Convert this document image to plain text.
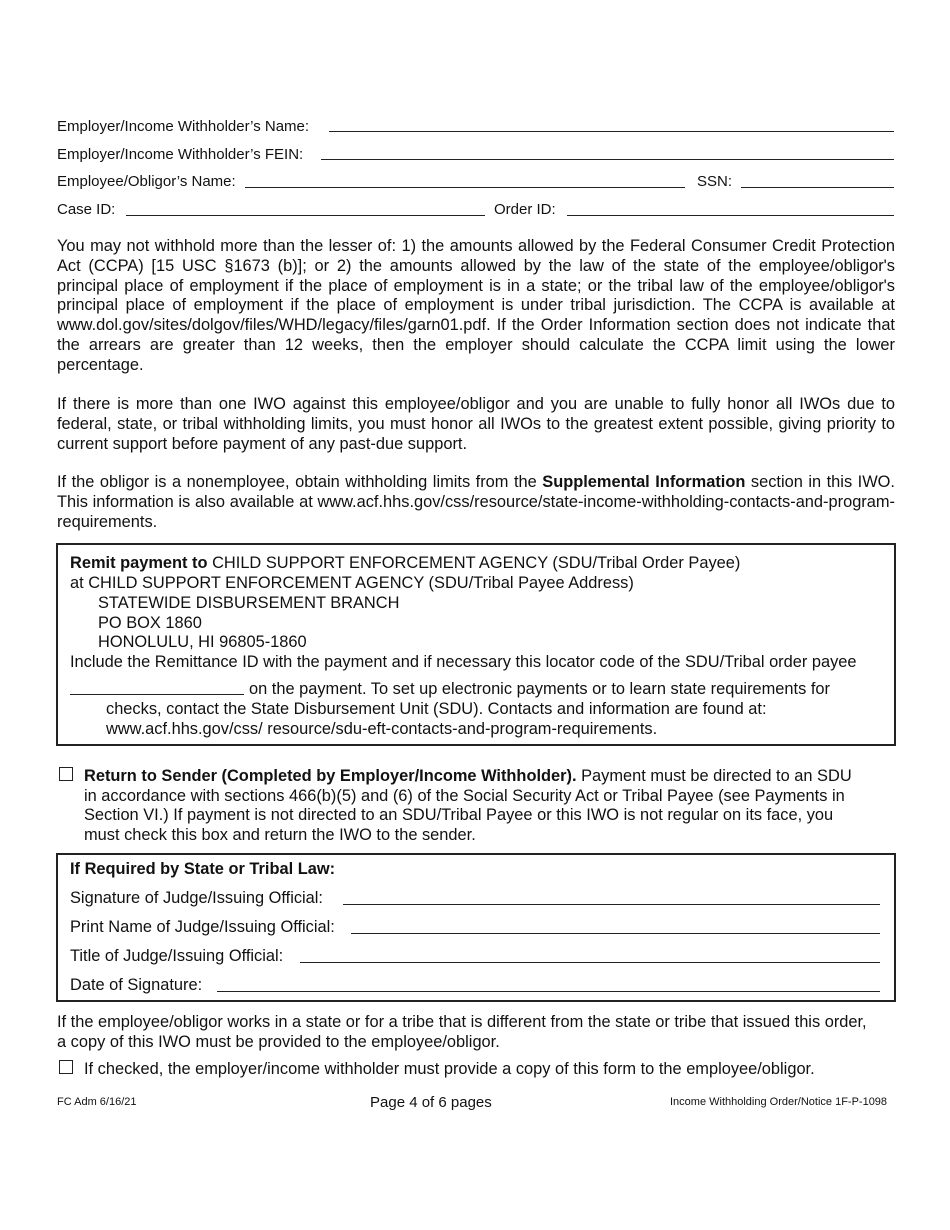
Employer/Income Withholder’s Name:
Employer/Income Withholder’s FEIN:
Employee/Obligor’s Name:	SSN:
Case ID:	Order ID:
You may not withhold more than the lesser of: 1) the amounts allowed by the Federal Consumer Credit Protection Act (CCPA) [15 USC §1673 (b)]; or 2) the amounts allowed by the law of the state of the employee/obligor's principal place of employment if the place of employment is in a state; or the tribal law of the employee/obligor's principal place of employment if the place of employment is under tribal jurisdiction. The CCPA is available at www.dol.gov/sites/dolgov/files/WHD/legacy/files/garn01.pdf. If the Order Information section does not indicate that the arrears are greater than 12 weeks, then the employer should calculate the CCPA limit using the lower percentage.
If there is more than one IWO against this employee/obligor and you are unable to fully honor all IWOs due to federal, state, or tribal withholding limits, you must honor all IWOs to the greatest extent possible, giving priority to current support before payment of any past-due support.
If the obligor is a nonemployee, obtain withholding limits from the Supplemental Information section in this IWO. This information is also available at www.acf.hhs.gov/css/resource/state-income-withholding-contacts-and-program-requirements.
Remit payment to CHILD SUPPORT ENFORCEMENT AGENCY (SDU/Tribal Order Payee)
at CHILD SUPPORT ENFORCEMENT AGENCY (SDU/Tribal Payee Address)
STATEWIDE DISBURSEMENT BRANCH
PO BOX 1860
HONOLULU, HI 96805-1860
Include the Remittance ID with the payment and if necessary this locator code of the SDU/Tribal order payee
on the payment. To set up electronic payments or to learn state requirements for
checks, contact the State Disbursement Unit (SDU). Contacts and information are found at:
www.acf.hhs.gov/css/ resource/sdu-eft-contacts-and-program-requirements.
Return to Sender (Completed by Employer/Income Withholder). Payment must be directed to an SDU
in accordance with sections 466(b)(5) and (6) of the Social Security Act or Tribal Payee (see Payments in
Section VI.) If payment is not directed to an SDU/Tribal Payee or this IWO is not regular on its face, you
must check this box and return the IWO to the sender.
If Required by State or Tribal Law:
Signature of Judge/Issuing Official:
Print Name of Judge/Issuing Official:
Title of Judge/Issuing Official:
Date of Signature:
If the employee/obligor works in a state or for a tribe that is different from the state or tribe that issued this order,
a copy of this IWO must be provided to the employee/obligor.
If checked, the employer/income withholder must provide a copy of this form to the employee/obligor.
FC Adm 6/16/21	Page 4 of 6 pages	Income Withholding Order/Notice 1F-P-1098
